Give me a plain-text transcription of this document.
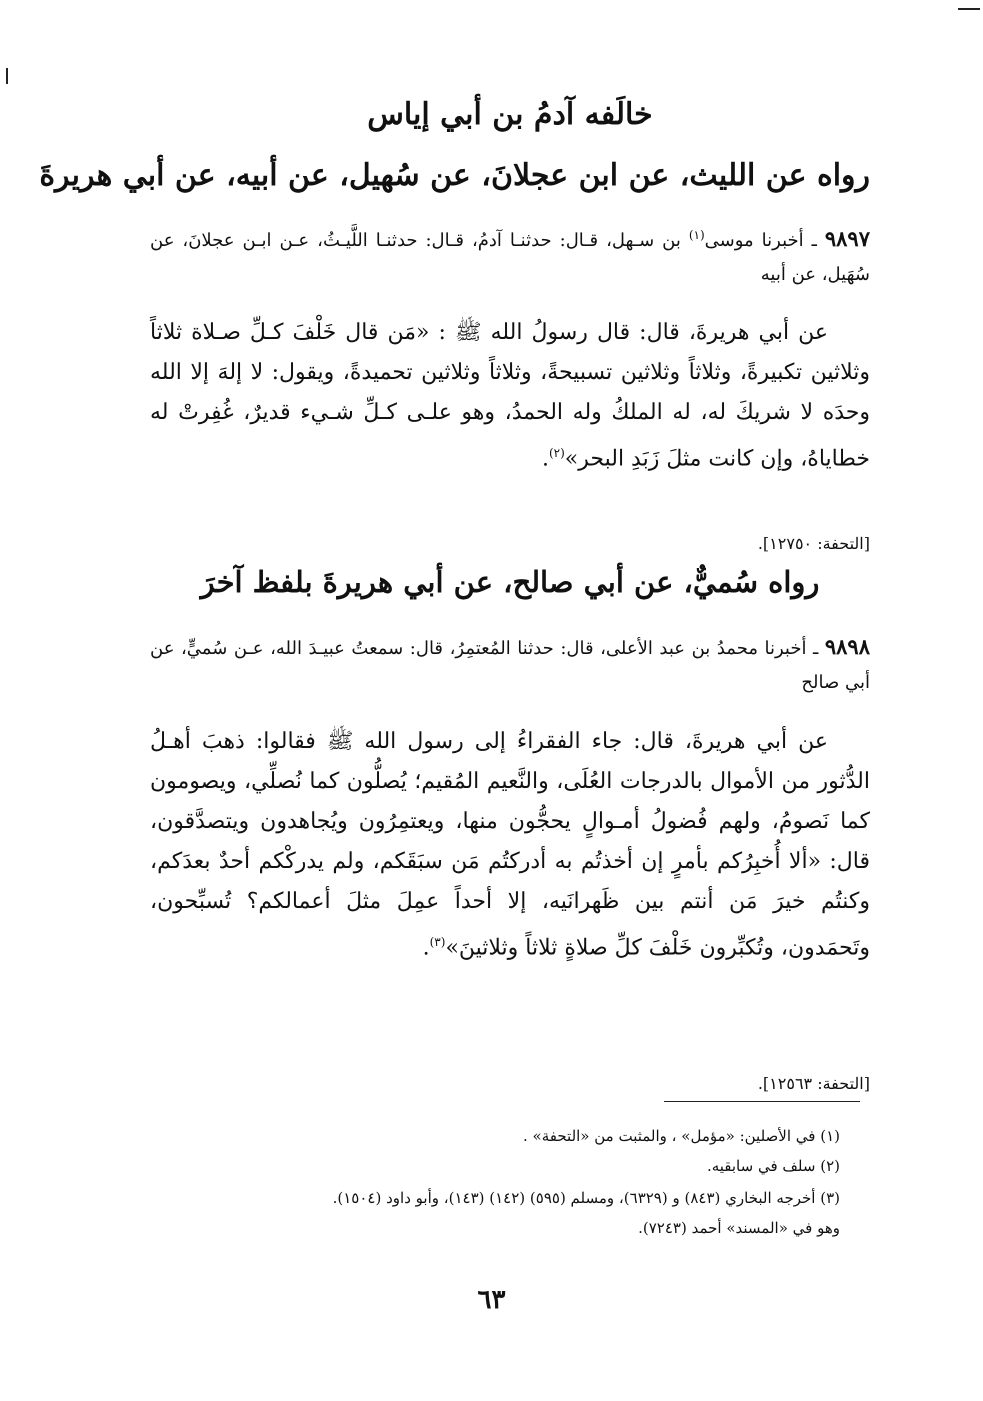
خالَفه آدمُ بن أبي إياس
رواه عن الليث، عن ابن عجلانَ، عن سُهيل، عن أبيه، عن أبي هريرةَ
٩٨٩٧ ـ أخبرنا موسى$^{(١)}$ بن سـهل، قـال: حدثنـا آدمُ، قـال: حدثنـا اللَّيـثُ، عـن ابـن عجلانَ، عن سُهَيل، عن أبيه
عن أبي هريرةَ، قال: قال رسولُ الله ﷺ : «مَن قال خَلْفَ كـلِّ صـلاة ثلاثاً وثلاثين تكبيرةً، وثلاثاً وثلاثين تسبيحةً، وثلاثاً وثلاثين تحميدةً، ويقول: لا إلهَ إلا الله وحدَه لا شريكَ له، له الملكُ وله الحمدُ، وهو علـى كـلِّ شـيء قديرٌ، غُفِرتْ له خطاياهُ، وإن كانت مثلَ زَبَدِ البحر»$^{(٢)}$.
[التحفة: ١٢٧٥٠].
رواه سُميٌّ، عن أبي صالح، عن أبي هريرةَ بلفظ آخرَ
٩٨٩٨ ـ أخبرنا محمدُ بن عبد الأعلى، قال: حدثنا المُعتمِرُ، قال: سمعتُ عبيـدَ الله، عـن سُميٍّ، عن أبي صالح
عن أبي هريرةَ، قال: جاء الفقراءُ إلى رسول الله ﷺ فقالوا: ذهبَ أهـلُ الدُّثور من الأموال بالدرجات العُلَى، والنَّعيم المُقيم؛ يُصلُّون كما نُصلِّي، ويصومون كما نَصومُ، ولهم فُضولُ أمـوالٍ يحجُّون منها، ويعتمِرُون ويُجاهدون ويتصدَّقون، قال: «ألا أُخبِرُكم بأمرٍ إن أخذتُم به أدركتُم مَن سبَقَكم، ولم يدركْكم أحدٌ بعدَكم، وكنتُم خيرَ مَن أنتم بين ظَهرانَيه، إلا أحداً عمِلَ مثلَ أعمالكم؟ تُسبِّحون، وتَحمَدون، وتُكبِّرون خَلْفَ كلِّ صلاةٍ ثلاثاً وثلاثينَ»$^{(٣)}$.
[التحفة: ١٢٥٦٣].
(١) في الأصلين: «مؤمل» ، والمثبت من «التحفة» .
(٢) سلف في سابقيه.
(٣) أخرجه البخاري (٨٤٣) و (٦٣٢٩)، ومسلم (٥٩٥) (١٤٢) (١٤٣)، وأبو داود (١٥٠٤).
وهو في «المسند» أحمد (٧٢٤٣).
٦٣
